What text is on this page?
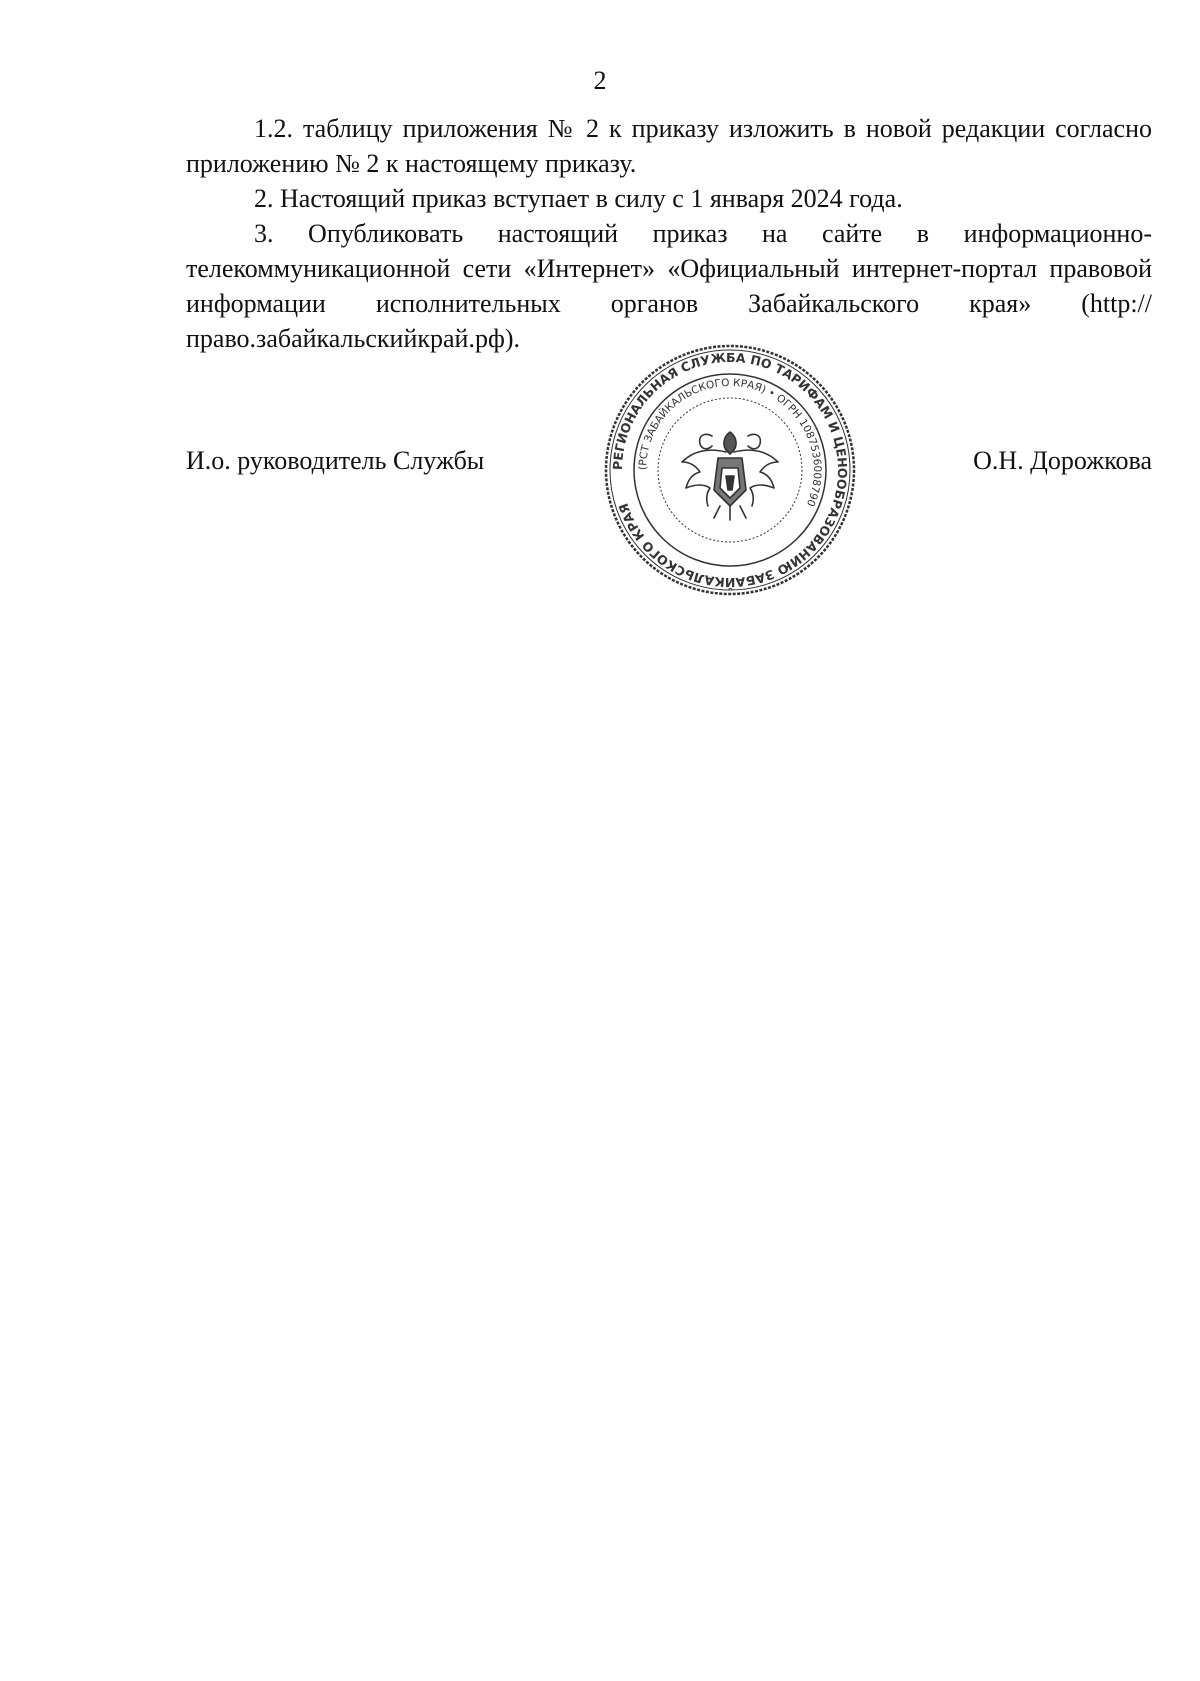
2

1.2. таблицу приложения № 2 к приказу изложить в новой редакции согласно приложению № 2 к настоящему приказу.

2. Настоящий приказ вступает в силу с 1 января 2024 года.

3. Опубликовать настоящий приказ на сайте в информационно-телекоммуникационной сети «Интернет» «Официальный интернет-портал правовой информации исполнительных органов Забайкальского края» (http://право.забайкальскийкрай.рф).

И.о. руководитель Службы	О.Н. Дорожкова
РЕГИОНАЛЬНАЯ СЛУЖБА ПО ТАРИФАМ И ЦЕНООБРАЗОВАНИЮ ЗАБАЙКАЛЬСКОГО КРАЯ
(РСТ ЗАБАЙКАЛЬСКОГО КРАЯ) • ОГРН 1087536008790
